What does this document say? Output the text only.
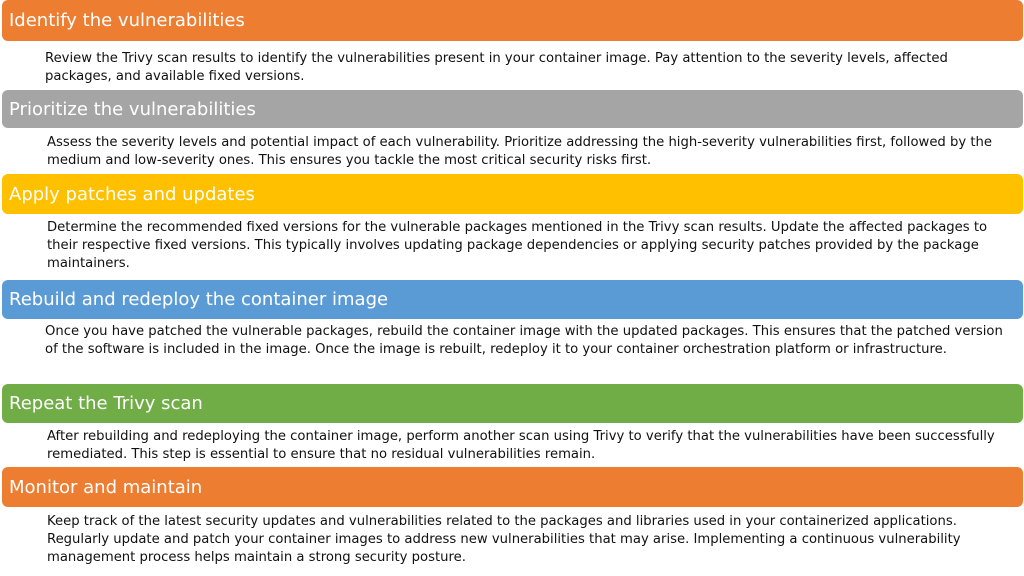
Identify the vulnerabilities
Review the Trivy scan results to identify the vulnerabilities present in your container image. Pay attention to the severity levels, affected packages, and available fixed versions.
Prioritize the vulnerabilities
Assess the severity levels and potential impact of each vulnerability. Prioritize addressing the high-severity vulnerabilities first, followed by the medium and low-severity ones. This ensures you tackle the most critical security risks first.
Apply patches and updates
Determine the recommended fixed versions for the vulnerable packages mentioned in the Trivy scan results. Update the affected packages to their respective fixed versions. This typically involves updating package dependencies or applying security patches provided by the package maintainers.
Rebuild and redeploy the container image
Once you have patched the vulnerable packages, rebuild the container image with the updated packages. This ensures that the patched version of the software is included in the image. Once the image is rebuilt, redeploy it to your container orchestration platform or infrastructure.
Repeat the Trivy scan
After rebuilding and redeploying the container image, perform another scan using Trivy to verify that the vulnerabilities have been successfully remediated. This step is essential to ensure that no residual vulnerabilities remain.
Monitor and maintain
Keep track of the latest security updates and vulnerabilities related to the packages and libraries used in your containerized applications. Regularly update and patch your container images to address new vulnerabilities that may arise. Implementing a continuous vulnerability management process helps maintain a strong security posture.
